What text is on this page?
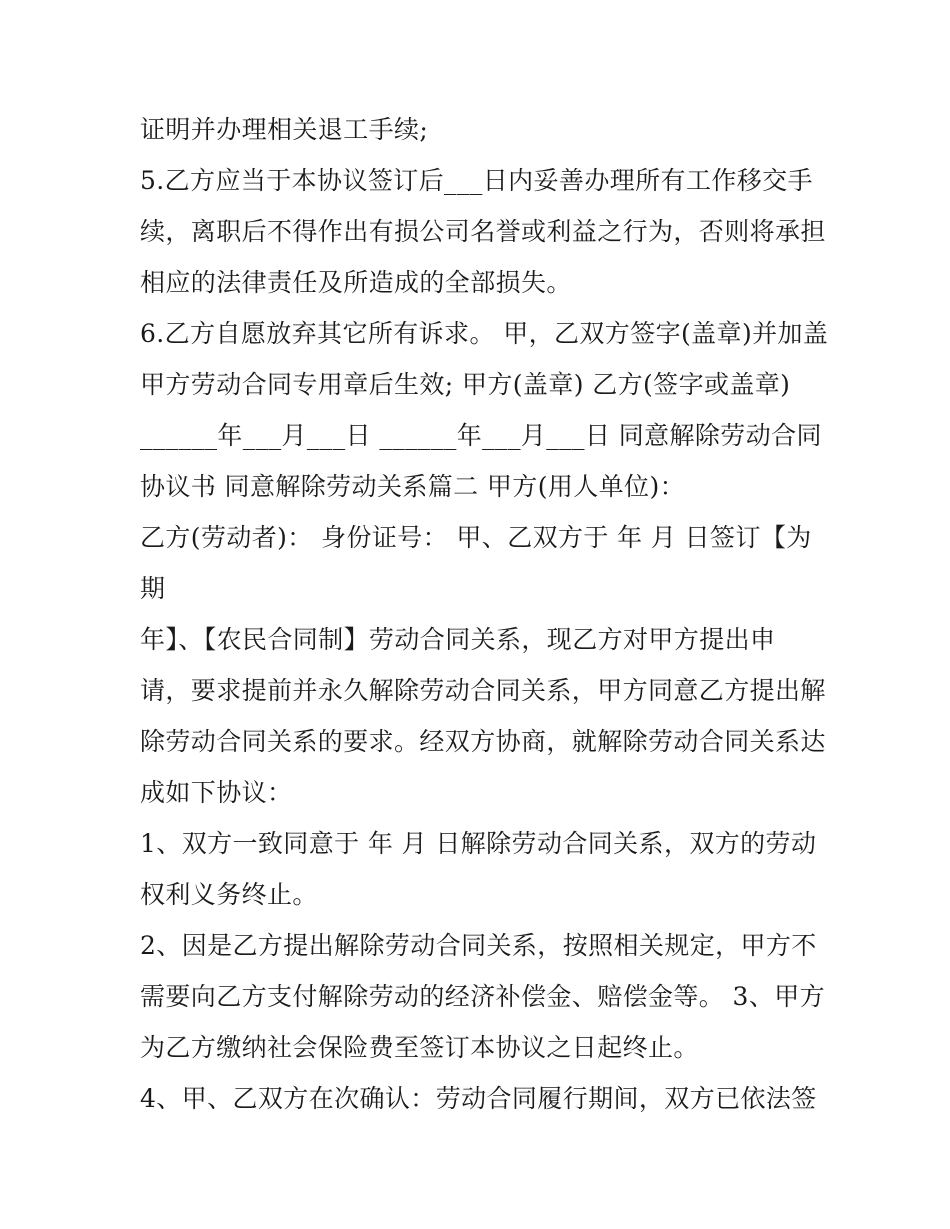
证明并办理相关退工手续;
5.乙方应当于本协议签订后___日内妥善办理所有工作移交手
续，离职后不得作出有损公司名誉或利益之行为，否则将承担
相应的法律责任及所造成的全部损失。
6.乙方自愿放弃其它所有诉求。 甲，乙双方签字(盖章)并加盖
甲方劳动合同专用章后生效; 甲方(盖章) 乙方(签字或盖章)
______年___月___日 ______年___月___日 同意解除劳动合同
协议书 同意解除劳动关系篇二 甲方(用人单位)：
乙方(劳动者)： 身份证号： 甲、乙双方于 年 月 日签订【为
期
年】、【农民合同制】劳动合同关系，现乙方对甲方提出申
请，要求提前并永久解除劳动合同关系，甲方同意乙方提出解
除劳动合同关系的要求。经双方协商，就解除劳动合同关系达
成如下协议：
1、双方一致同意于 年 月 日解除劳动合同关系，双方的劳动
权利义务终止。
2、因是乙方提出解除劳动合同关系，按照相关规定，甲方不
需要向乙方支付解除劳动的经济补偿金、赔偿金等。 3、甲方
为乙方缴纳社会保险费至签订本协议之日起终止。
4、甲、乙双方在次确认：劳动合同履行期间，双方已依法签
